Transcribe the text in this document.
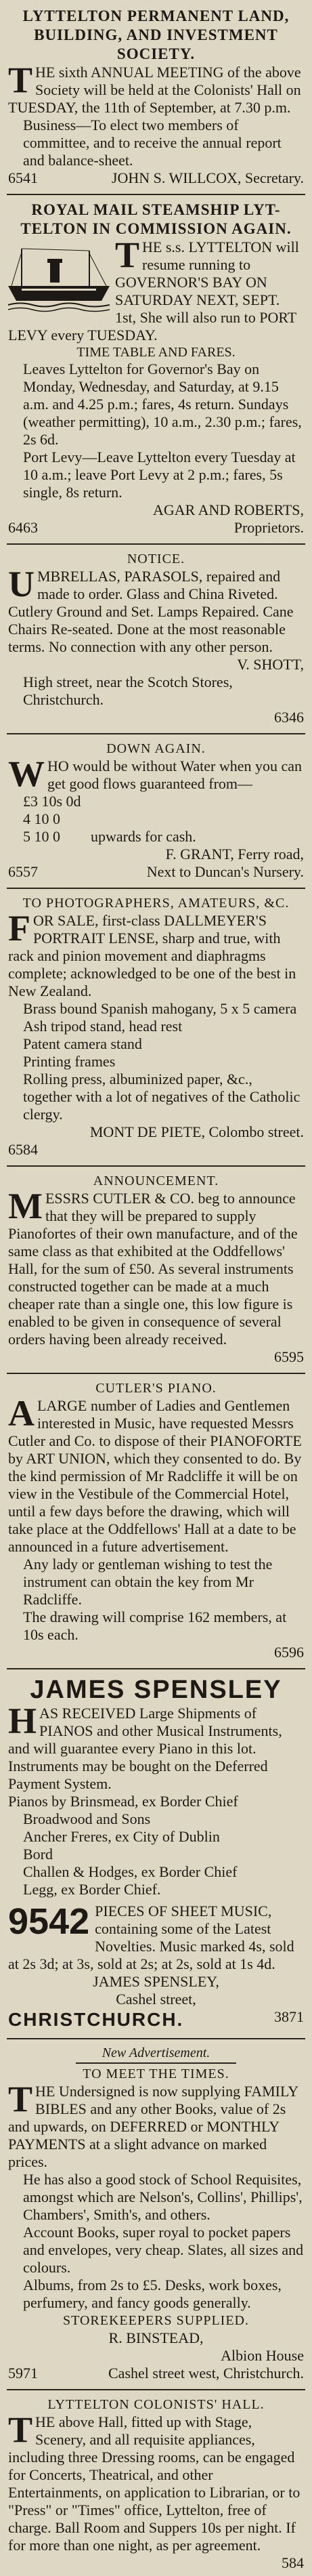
LYTTELTON PERMANENT LAND,
BUILDING, AND INVESTMENT
SOCIETY.
THE sixth ANNUAL MEETING of the above Society will be held at the Colonists' Hall on TUESDAY, the 11th of September, at 7.30 p.m.
Business—To elect two members of committee, and to receive the annual report and balance-sheet.
6541	JOHN S. WILLCOX, Secretary.
ROYAL MAIL STEAMSHIP LYT-
TELTON IN COMMISSION AGAIN.
THE s.s. LYTTELTON will resume running to GOVERNOR'S BAY ON SATURDAY NEXT, SEPT. 1st, She will also run to PORT LEVY every TUESDAY.
TIME TABLE AND FARES.
Leaves Lyttelton for Governor's Bay on Monday, Wednesday, and Saturday, at 9.15 a.m. and 4.25 p.m.; fares, 4s return. Sundays (weather permitting), 10 a.m., 2.30 p.m.; fares, 2s 6d.
Port Levy—Leave Lyttelton every Tuesday at 10 a.m.; leave Port Levy at 2 p.m.; fares, 5s single, 8s return.
AGAR AND ROBERTS,
6463	Proprietors.
NOTICE.
UMBRELLAS, PARASOLS, repaired and made to order. Glass and China Riveted. Cutlery Ground and Set. Lamps Repaired. Cane Chairs Re-seated. Done at the most reasonable terms. No connection with any other person.
V. SHOTT,
High street, near the Scotch Stores, Christchurch.
6346
DOWN AGAIN.
WHO would be without Water when you can get good flows guaranteed from—
£3 10s 0d
4 10 0
5 10 0	upwards for cash.
F. GRANT, Ferry road,
6557	Next to Duncan's Nursery.
TO PHOTOGRAPHERS, AMATEURS, &C.
FOR SALE, first-class DALLMEYER'S PORTRAIT LENSE, sharp and true, with rack and pinion movement and diaphragms complete; acknowledged to be one of the best in New Zealand.
Brass bound Spanish mahogany, 5 x 5 camera
Ash tripod stand, head rest
Patent camera stand
Printing frames
Rolling press, albuminized paper, &c., together with a lot of negatives of the Catholic clergy.
MONT DE PIETE, Colombo street.
6584
ANNOUNCEMENT.
MESSRS CUTLER & CO. beg to announce that they will be prepared to supply Pianofortes of their own manufacture, and of the same class as that exhibited at the Oddfellows' Hall, for the sum of £50. As several instruments constructed together can be made at a much cheaper rate than a single one, this low figure is enabled to be given in consequence of several orders having been already received.
6595
CUTLER'S PIANO.
ALARGE number of Ladies and Gentlemen interested in Music, have requested Messrs Cutler and Co. to dispose of their PIANOFORTE by ART UNION, which they consented to do. By the kind permission of Mr Radcliffe it will be on view in the Vestibule of the Commercial Hotel, until a few days before the drawing, which will take place at the Oddfellows' Hall at a date to be announced in a future advertisement.
Any lady or gentleman wishing to test the instrument can obtain the key from Mr Radcliffe.
The drawing will comprise 162 members, at 10s each.
6596
JAMES SPENSLEY
HAS RECEIVED Large Shipments of PIANOS and other Musical Instruments, and will guarantee every Piano in this lot. Instruments may be bought on the Deferred Payment System.
Pianos by Brinsmead, ex Border Chief
Broadwood and Sons
Ancher Freres, ex City of Dublin
Bord
Challen & Hodges, ex Border Chief
Legg, ex Border Chief.
9542 PIECES OF SHEET MUSIC, containing some of the Latest Novelties. Music marked 4s, sold at 2s 3d; at 3s, sold at 2s; at 2s, sold at 1s 4d.
JAMES SPENSLEY,
Cashel street,
CHRISTCHURCH.	3871
New Advertisement.
TO MEET THE TIMES.
THE Undersigned is now supplying FAMILY BIBLES and any other Books, value of 2s and upwards, on DEFERRED or MONTHLY PAYMENTS at a slight advance on marked prices.
He has also a good stock of School Requisites, amongst which are Nelson's, Collins', Phillips', Chambers', Smith's, and others.
Account Books, super royal to pocket papers and envelopes, very cheap. Slates, all sizes and colours.
Albums, from 2s to £5. Desks, work boxes, perfumery, and fancy goods generally.
STOREKEEPERS SUPPLIED.
R. BINSTEAD,
Albion House
5971	Cashel street west, Christchurch.
LYTTELTON COLONISTS' HALL.
THE above Hall, fitted up with Stage, Scenery, and all requisite appliances, including three Dressing rooms, can be engaged for Concerts, Theatrical, and other Entertainments, on application to Librarian, or to "Press" or "Times" office, Lyttelton, free of charge. Ball Room and Suppers 10s per night. If for more than one night, as per agreement.
584
